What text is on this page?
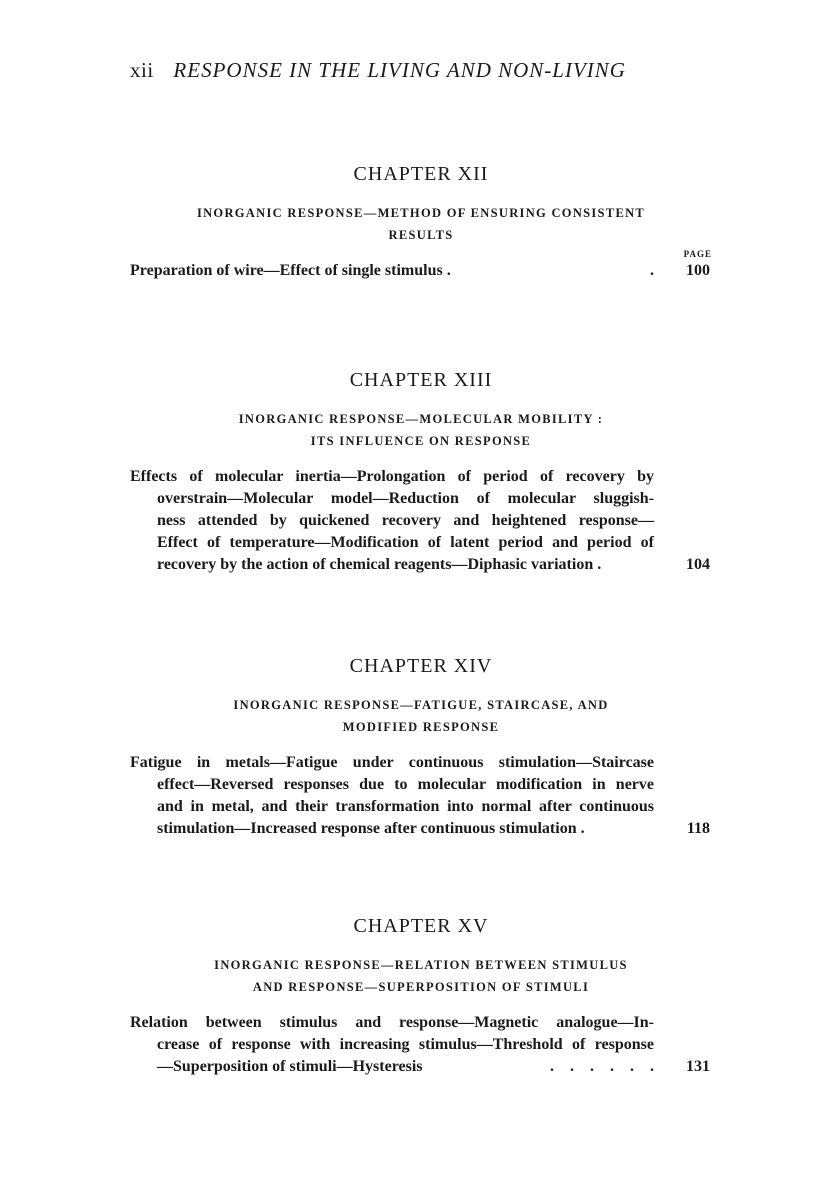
xii RESPONSE IN THE LIVING AND NON-LIVING
CHAPTER XII
INORGANIC RESPONSE—METHOD OF ENSURING CONSISTENT
RESULTS
PAGE
Preparation of wire—Effect of single stimulus .	. 100
CHAPTER XIII
INORGANIC RESPONSE—MOLECULAR MOBILITY :
ITS INFLUENCE ON RESPONSE
Effects of molecular inertia—Prolongation of period of recovery by
overstrain—Molecular model—Reduction of molecular sluggish-
ness attended by quickened recovery and heightened response—
Effect of temperature—Modification of latent period and period of
recovery by the action of chemical reagents—Diphasic variation .	104
CHAPTER XIV
INORGANIC RESPONSE—FATIGUE, STAIRCASE, AND
MODIFIED RESPONSE
Fatigue in metals—Fatigue under continuous stimulation—Staircase
effect—Reversed responses due to molecular modification in nerve
and in metal, and their transformation into normal after continuous
stimulation—Increased response after continuous stimulation .	118
CHAPTER XV
INORGANIC RESPONSE—RELATION BETWEEN STIMULUS
AND RESPONSE—SUPERPOSITION OF STIMULI
Relation between stimulus and response—Magnetic analogue—In-
crease of response with increasing stimulus—Threshold of response
—Superposition of stimuli—Hysteresis	. . . . . . 131
